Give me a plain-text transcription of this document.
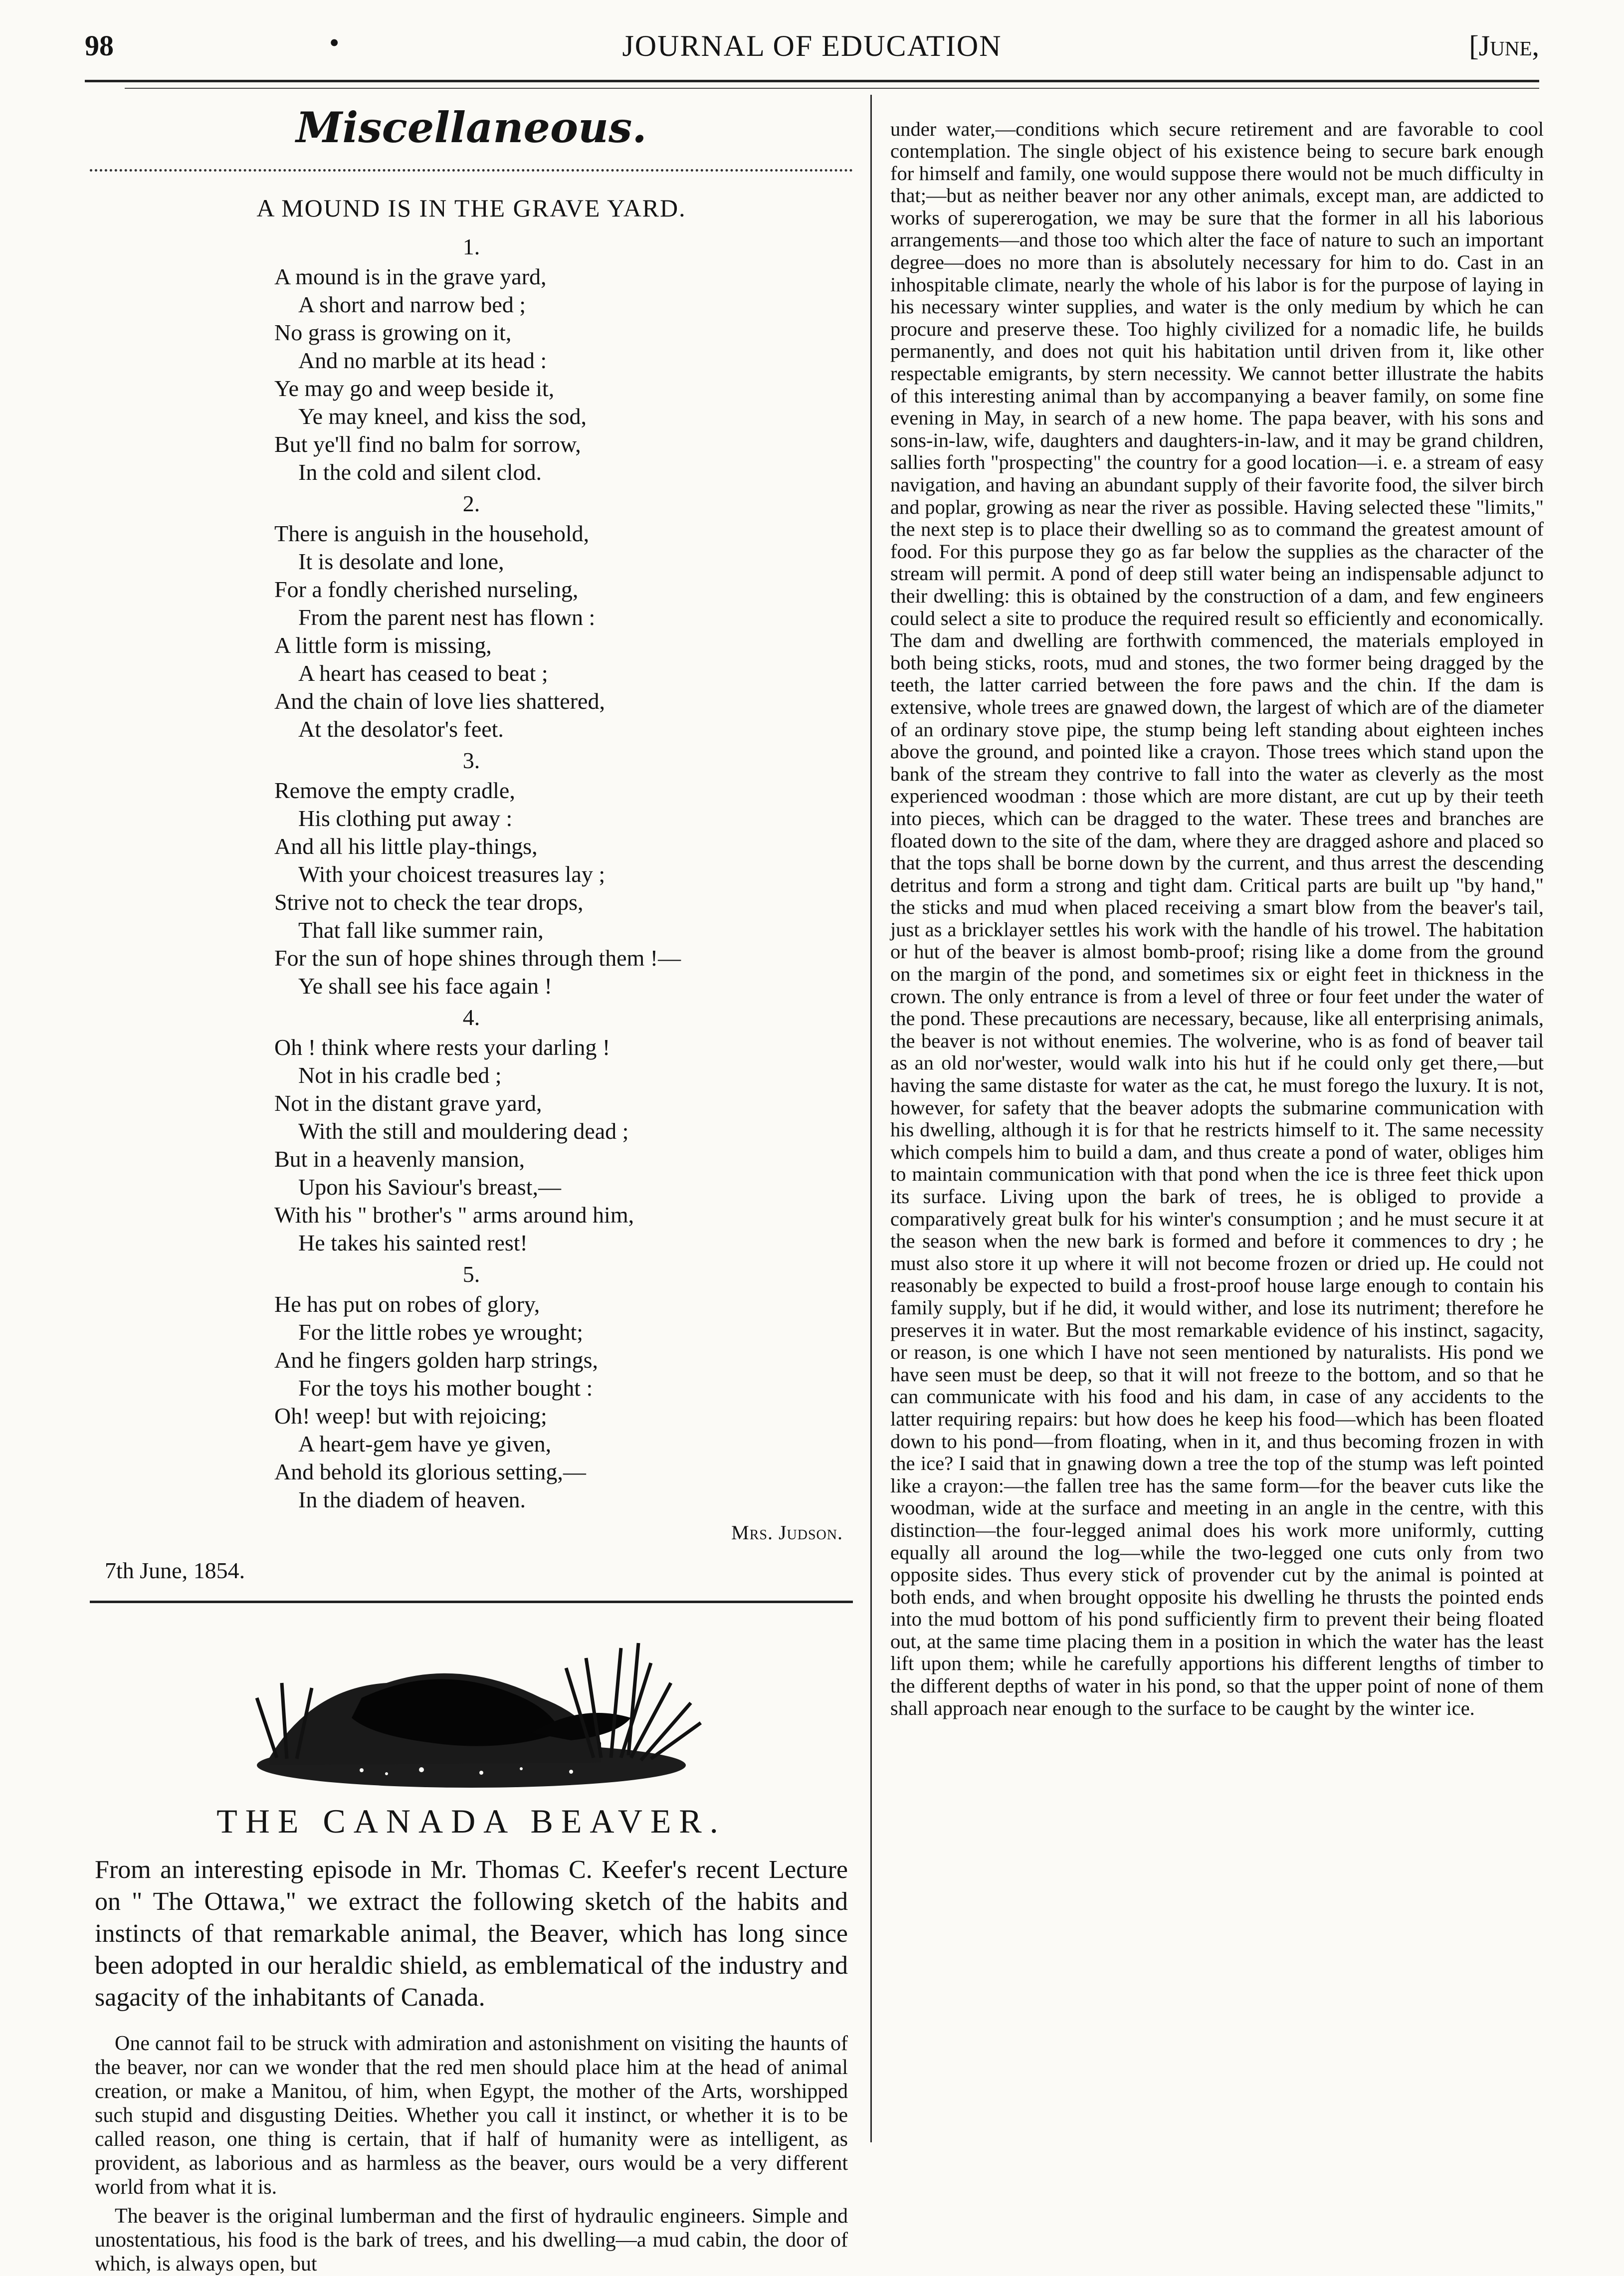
98	•	JOURNAL OF EDUCATION	[June,
Miscellaneous.
A MOUND IS IN THE GRAVE YARD.
1.
A mound is in the grave yard,
A short and narrow bed ;
No grass is growing on it,
And no marble at its head :
Ye may go and weep beside it,
Ye may kneel, and kiss the sod,
But ye'll find no balm for sorrow,
In the cold and silent clod.
2.
There is anguish in the household,
It is desolate and lone,
For a fondly cherished nurseling,
From the parent nest has flown :
A little form is missing,
A heart has ceased to beat ;
And the chain of love lies shattered,
At the desolator's feet.
3.
Remove the empty cradle,
His clothing put away :
And all his little play-things,
With your choicest treasures lay ;
Strive not to check the tear drops,
That fall like summer rain,
For the sun of hope shines through them !—
Ye shall see his face again !
4.
Oh ! think where rests your darling !
Not in his cradle bed ;
Not in the distant grave yard,
With the still and mouldering dead ;
But in a heavenly mansion,
Upon his Saviour's breast,—
With his " brother's " arms around him,
He takes his sainted rest!
5.
He has put on robes of glory,
For the little robes ye wrought;
And he fingers golden harp strings,
For the toys his mother bought :
Oh! weep! but with rejoicing;
A heart-gem have ye given,
And behold its glorious setting,—
In the diadem of heaven.
Mrs. Judson.
7th June, 1854.
THE CANADA BEAVER.

From an interesting episode in Mr. Thomas C. Keefer's recent Lecture on " The Ottawa," we extract the following sketch of the habits and instincts of that remarkable animal, the Beaver, which has long since been adopted in our heraldic shield, as emblematical of the industry and sagacity of the inhabitants of Canada.

One cannot fail to be struck with admiration and astonishment on visiting the haunts of the beaver, nor can we wonder that the red men should place him at the head of animal creation, or make a Manitou, of him, when Egypt, the mother of the Arts, worshipped such stupid and disgusting Deities. Whether you call it instinct, or whether it is to be called reason, one thing is certain, that if half of humanity were as intelligent, as provident, as laborious and as harmless as the beaver, ours would be a very different world from what it is.

The beaver is the original lumberman and the first of hydraulic engineers. Simple and unostentatious, his food is the bark of trees, and his dwelling—a mud cabin, the door of which, is always open, but

under water,—conditions which secure retirement and are favorable to cool contemplation. The single object of his existence being to secure bark enough for himself and family, one would suppose there would not be much difficulty in that;—but as neither beaver nor any other animals, except man, are addicted to works of supererogation, we may be sure that the former in all his laborious arrangements—and those too which alter the face of nature to such an important degree—does no more than is absolutely necessary for him to do. Cast in an inhospitable climate, nearly the whole of his labor is for the purpose of laying in his necessary winter supplies, and water is the only medium by which he can procure and preserve these. Too highly civilized for a nomadic life, he builds permanently, and does not quit his habitation until driven from it, like other respectable emigrants, by stern necessity. We cannot better illustrate the habits of this interesting animal than by accompanying a beaver family, on some fine evening in May, in search of a new home. The papa beaver, with his sons and sons-in-law, wife, daughters and daughters-in-law, and it may be grand children, sallies forth "prospecting" the country for a good location—i. e. a stream of easy navigation, and having an abundant supply of their favorite food, the silver birch and poplar, growing as near the river as possible. Having selected these "limits," the next step is to place their dwelling so as to command the greatest amount of food. For this purpose they go as far below the supplies as the character of the stream will permit. A pond of deep still water being an indispensable adjunct to their dwelling: this is obtained by the construction of a dam, and few engineers could select a site to produce the required result so efficiently and economically. The dam and dwelling are forthwith commenced, the materials employed in both being sticks, roots, mud and stones, the two former being dragged by the teeth, the latter carried between the fore paws and the chin. If the dam is extensive, whole trees are gnawed down, the largest of which are of the diameter of an ordinary stove pipe, the stump being left standing about eighteen inches above the ground, and pointed like a crayon. Those trees which stand upon the bank of the stream they contrive to fall into the water as cleverly as the most experienced woodman : those which are more distant, are cut up by their teeth into pieces, which can be dragged to the water. These trees and branches are floated down to the site of the dam, where they are dragged ashore and placed so that the tops shall be borne down by the current, and thus arrest the descending detritus and form a strong and tight dam. Critical parts are built up "by hand," the sticks and mud when placed receiving a smart blow from the beaver's tail, just as a bricklayer settles his work with the handle of his trowel. The habitation or hut of the beaver is almost bomb-proof; rising like a dome from the ground on the margin of the pond, and sometimes six or eight feet in thickness in the crown. The only entrance is from a level of three or four feet under the water of the pond. These precautions are necessary, because, like all enterprising animals, the beaver is not without enemies. The wolverine, who is as fond of beaver tail as an old nor'wester, would walk into his hut if he could only get there,—but having the same distaste for water as the cat, he must forego the luxury. It is not, however, for safety that the beaver adopts the submarine communication with his dwelling, although it is for that he restricts himself to it. The same necessity which compels him to build a dam, and thus create a pond of water, obliges him to maintain communication with that pond when the ice is three feet thick upon its surface. Living upon the bark of trees, he is obliged to provide a comparatively great bulk for his winter's consumption ; and he must secure it at the season when the new bark is formed and before it commences to dry ; he must also store it up where it will not become frozen or dried up. He could not reasonably be expected to build a frost-proof house large enough to contain his family supply, but if he did, it would wither, and lose its nutriment; therefore he preserves it in water. But the most remarkable evidence of his instinct, sagacity, or reason, is one which I have not seen mentioned by naturalists. His pond we have seen must be deep, so that it will not freeze to the bottom, and so that he can communicate with his food and his dam, in case of any accidents to the latter requiring repairs: but how does he keep his food—which has been floated down to his pond—from floating, when in it, and thus becoming frozen in with the ice? I said that in gnawing down a tree the top of the stump was left pointed like a crayon:—the fallen tree has the same form—for the beaver cuts like the woodman, wide at the surface and meeting in an angle in the centre, with this distinction—the four-legged animal does his work more uniformly, cutting equally all around the log—while the two-legged one cuts only from two opposite sides. Thus every stick of provender cut by the animal is pointed at both ends, and when brought opposite his dwelling he thrusts the pointed ends into the mud bottom of his pond sufficiently firm to prevent their being floated out, at the same time placing them in a position in which the water has the least lift upon them; while he carefully apportions his different lengths of timber to the different depths of water in his pond, so that the upper point of none of them shall approach near enough to the surface to be caught by the winter ice.
